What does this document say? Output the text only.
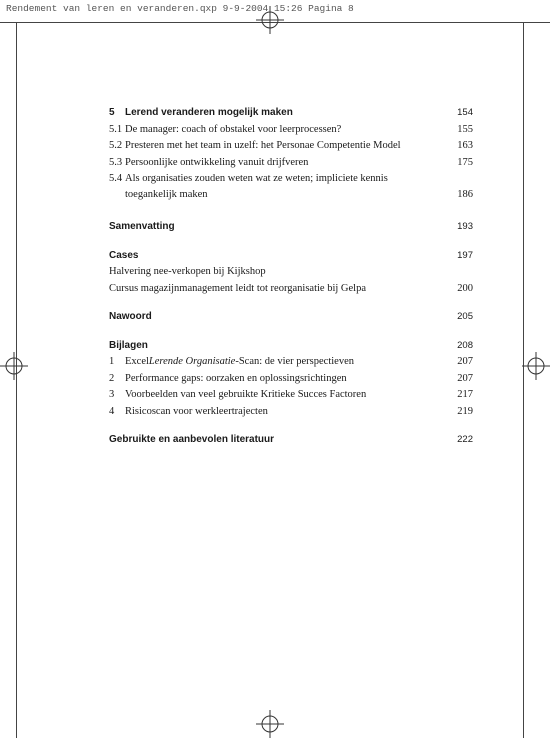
Rendement van leren en veranderen.qxp 9-9-2004 15:26 Pagina 8
5 Lerend veranderen mogelijk maken	154
5.1 De manager: coach of obstakel voor leerprocessen?	155
5.2 Presteren met het team in uzelf: het Personae Competentie Model	163
5.3 Persoonlijke ontwikkeling vanuit drijfveren	175
5.4 Als organisaties zouden weten wat ze weten; impliciete kennis
toegankelijk maken	186
Samenvatting	193
Cases	197
Halvering nee-verkopen bij Kijkshop
Cursus magazijnmanagement leidt tot reorganisatie bij Gelpa	200
Nawoord	205
Bijlagen	208
1 ExcelLerende Organisatie-Scan: de vier perspectieven	207
2 Performance gaps: oorzaken en oplossingsrichtingen	207
3 Voorbeelden van veel gebruikte Kritieke Succes Factoren	217
4 Risicoscan voor werkleertrajecten	219
Gebruikte en aanbevolen literatuur	222
